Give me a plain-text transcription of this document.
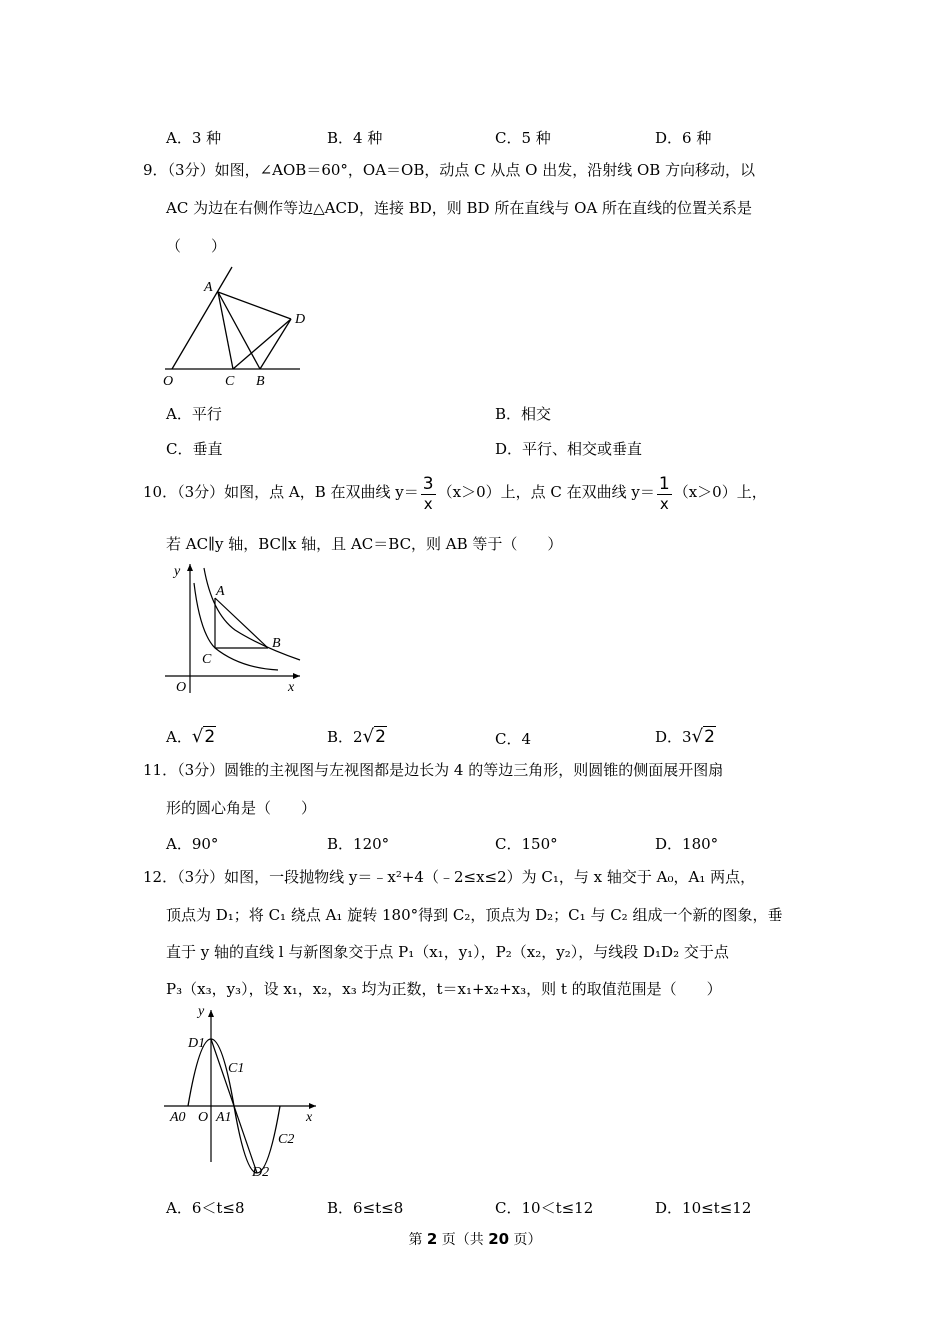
A．3 种	B．4 种	C．5 种	D．6 种
9．（3分）如图，∠AOB＝60°，OA＝OB，动点 C 从点 O 出发，沿射线 OB 方向移动，以
AC 为边在右侧作等边△ACD，连接 BD，则 BD 所在直线与 OA 所在直线的位置关系是
（　　）
A
D
O	C B
A．平行	B．相交
C．垂直	D．平行、相交或垂直
10．（3分）如图，点 A，B 在双曲线 $y= \frac{3}{x} (x>0)$上，点 C 在双曲线 $y= \frac{1}{x} (x>0)$上，
若 AC∥y 轴，BC∥x 轴，且 AC＝BC，则 AB 等于（　　）
y
A
B
C
O	x
A．√2	B．2√2	C．4	D．3√2
11．（3分）圆锥的主视图与左视图都是边长为 4 的等边三角形，则圆锥的侧面展开图扇
形的圆心角是（　　）
A．90°	B．120°	C．150°	D．180°
12．（3分）如图，一段抛物线 y＝﹣x²+4（﹣2≤x≤2）为 C₁，与 x 轴交于 A₀，A₁ 两点，
顶点为 D₁；将 C₁ 绕点 A₁ 旋转 180°得到 C₂，顶点为 D₂；C₁ 与 C₂ 组成一个新的图象，垂
直于 y 轴的直线 l 与新图象交于点 P₁（x₁，y₁），P₂（x₂，y₂），与线段 D₁D₂ 交于点
P₃（x₃，y₃），设 x₁，x₂，x₃ 均为正数，t＝x₁+x₂+x₃，则 t 的取值范围是（　　）
y
D1
C1
A0 O A1	x
C2
D2
A．6＜t≤8	B．6≤t≤8	C．10＜t≤12	D．10≤t≤12
第 2 页（共 20 页）
